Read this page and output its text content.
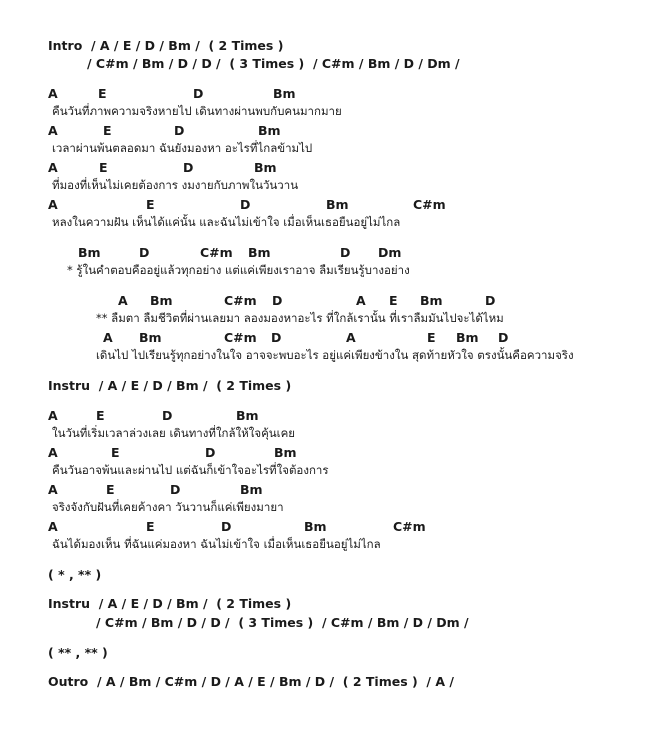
Intro  / A / E / D / Bm /  ( 2 Times )
/ C#m / Bm / D / D /  ( 3 Times )  / C#m / Bm / D / Dm /
A	E	D	Bm
คืนวันที่ภาพความจริงหายไป เดินทางผ่านพบกับคนมากมาย
A	E	D	Bm
เวลาผ่านพ้นตลอดมา ฉันยังมองหา อะไรที่ไกลข้ามไป
A	E	D	Bm
ที่มองที่เห็นไม่เคยต้องการ งมงายกับภาพในวันวาน
A	E	D	Bm	C#m
หลงในความฝัน เห็นได้แค่นั้น และฉันไม่เข้าใจ เมื่อเห็นเธอยืนอยู่ไม่ไกล
Bm	D	C#m Bm	D Dm
* รู้ในคำตอบคืออยู่แล้วทุกอย่าง แต่แค่เพียงเราอาจ ลืมเรียนรู้บางอย่าง
A Bm	C#m D	A E Bm	D
** ลืมตา ลืมชีวิตที่ผ่านเลยมา ลองมองหาอะไร ที่ใกล้เรานั้น ที่เราลืมมันไปจะได้ไหม
A Bm	C#m D	A	E Bm D
เดินไป ไปเรียนรู้ทุกอย่างในใจ อาจจะพบอะไร อยู่แค่เพียงข้างใน สุดท้ายหัวใจ ตรงนั้นคือความจริง
Instru  / A / E / D / Bm /  ( 2 Times )
A	E	D	Bm
ในวันที่เริ่มเวลาล่วงเลย เดินทางที่ใกล้ให้ใจคุ้นเคย
A	E	D	Bm
คืนวันอาจพ้นและผ่านไป แต่ฉันก็เข้าใจอะไรที่ใจต้องการ
A	E	D	Bm
จริงจังกับฝันที่เคยค้างคา วันวานก็แค่เพียงมายา
A	E	D	Bm	C#m
ฉันได้มองเห็น ที่ฉันแค่มองหา ฉันไม่เข้าใจ เมื่อเห็นเธอยืนอยู่ไม่ไกล
( * , ** )
Instru  / A / E / D / Bm /  ( 2 Times )
/ C#m / Bm / D / D /  ( 3 Times )  / C#m / Bm / D / Dm /
( ** , ** )
Outro  / A / Bm / C#m / D / A / E / Bm / D /  ( 2 Times )  / A /
